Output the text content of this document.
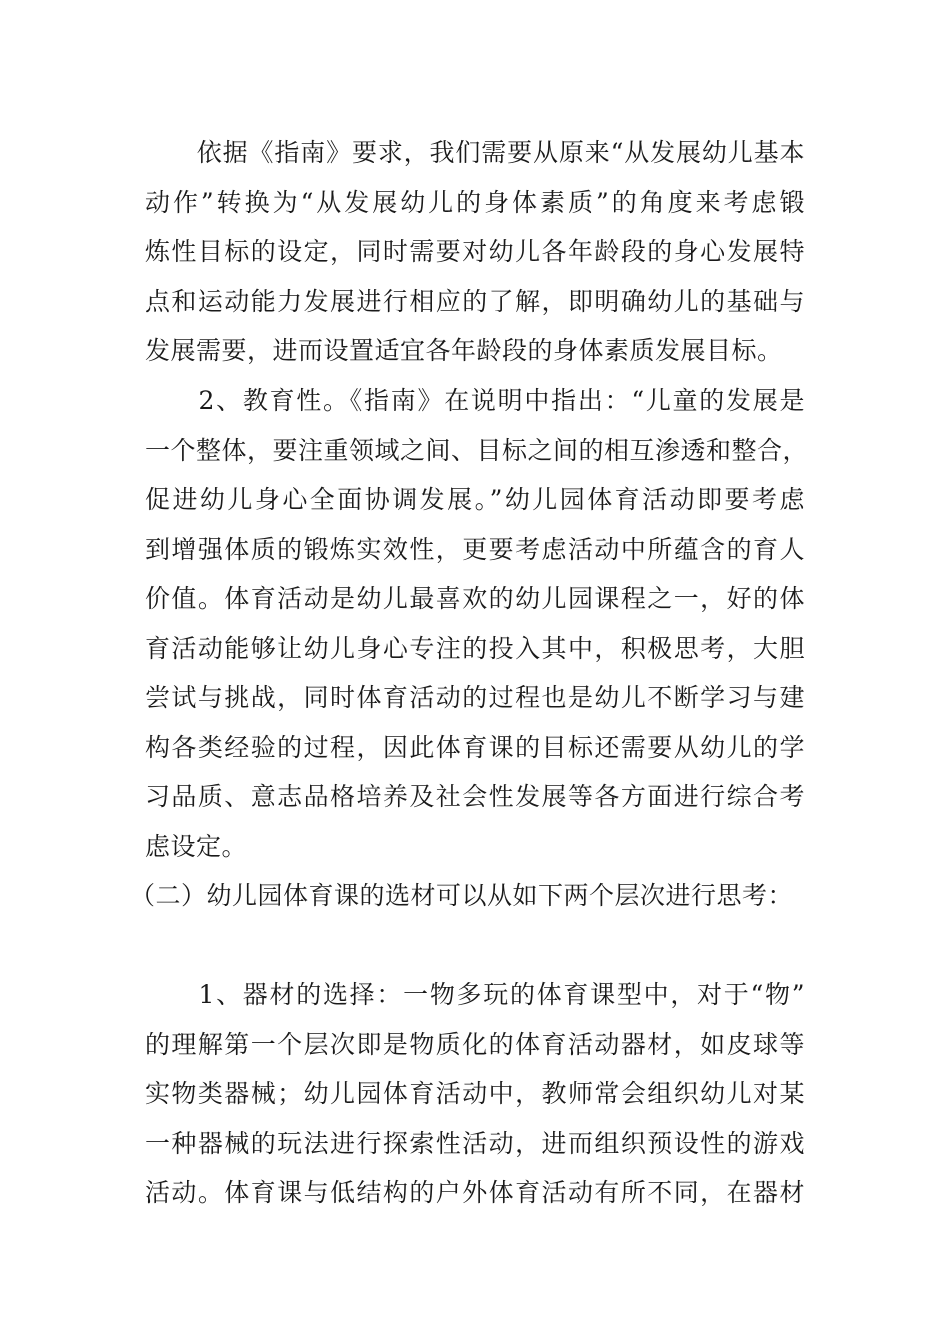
　　依据《指南》要求，我们需要从原来“从发展幼儿基本
动作”转换为“从发展幼儿的身体素质”的角度来考虑锻
炼性目标的设定，同时需要对幼儿各年龄段的身心发展特
点和运动能力发展进行相应的了解，即明确幼儿的基础与
发展需要，进而设置适宜各年龄段的身体素质发展目标。
　　2、教育性。《指南》在说明中指出：“儿童的发展是
一个整体，要注重领域之间、目标之间的相互渗透和整合，
促进幼儿身心全面协调发展。”幼儿园体育活动即要考虑
到增强体质的锻炼实效性，更要考虑活动中所蕴含的育人
价值。体育活动是幼儿最喜欢的幼儿园课程之一，好的体
育活动能够让幼儿身心专注的投入其中，积极思考，大胆
尝试与挑战，同时体育活动的过程也是幼儿不断学习与建
构各类经验的过程，因此体育课的目标还需要从幼儿的学
习品质、意志品格培养及社会性发展等各方面进行综合考
虑设定。
（二）幼儿园体育课的选材可以从如下两个层次进行思考：
　　1、器材的选择：一物多玩的体育课型中，对于“物”
的理解第一个层次即是物质化的体育活动器材，如皮球等
实物类器械；幼儿园体育活动中，教师常会组织幼儿对某
一种器械的玩法进行探索性活动，进而组织预设性的游戏
活动。体育课与低结构的户外体育活动有所不同，在器材
